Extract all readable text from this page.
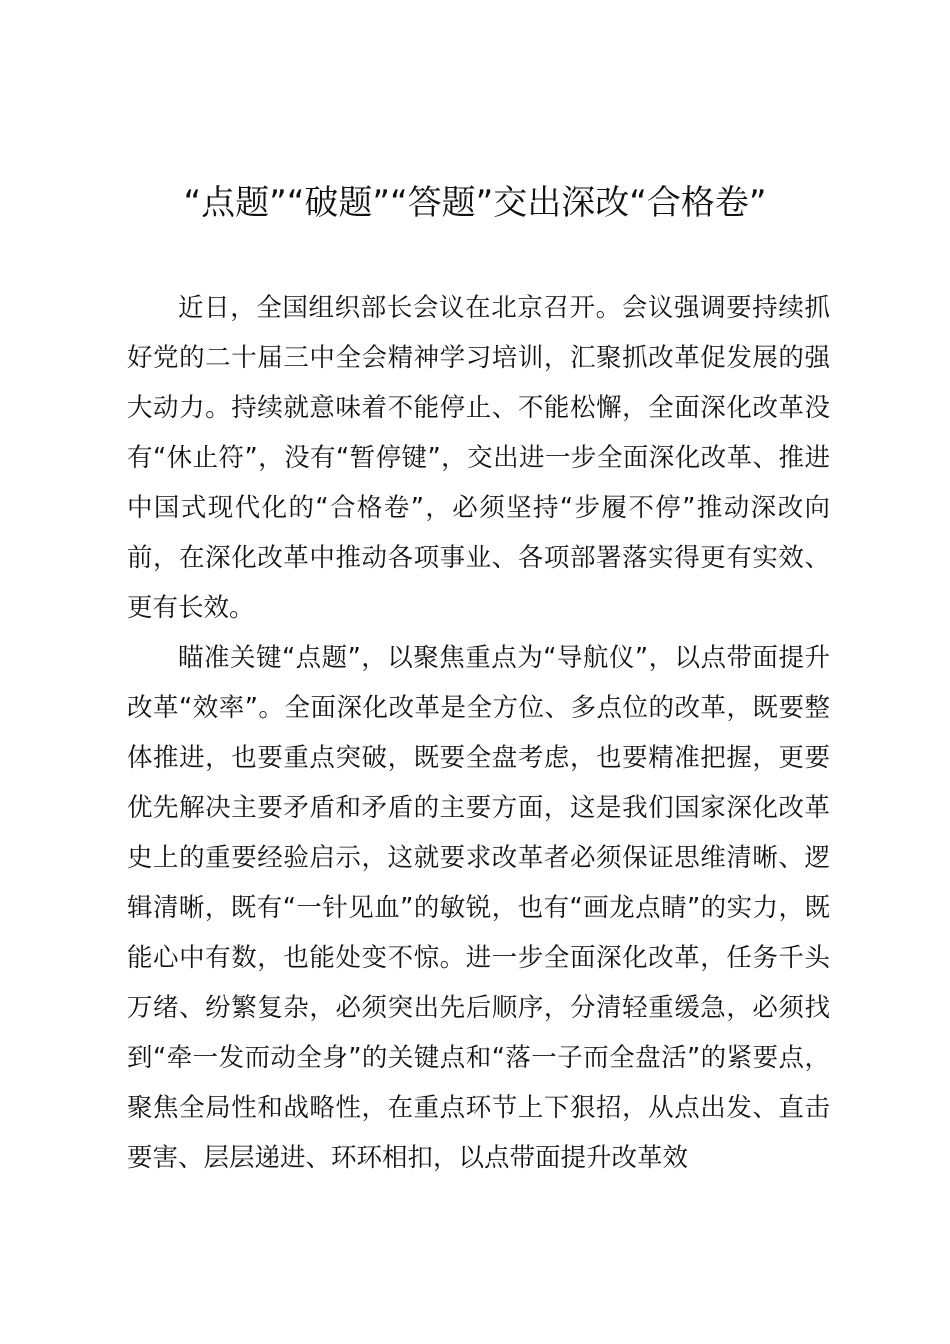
“点题”“破题”“答题”交出深改“合格卷”

近日，全国组织部长会议在北京召开。会议强调要持续抓好党的二十届三中全会精神学习培训，汇聚抓改革促发展的强大动力。持续就意味着不能停止、不能松懈，全面深化改革没有“休止符”，没有“暂停键”，交出进一步全面深化改革、推进中国式现代化的“合格卷”，必须坚持“步履不停”推动深改向前，在深化改革中推动各项事业、各项部署落实得更有实效、更有长效。

瞄准关键“点题”，以聚焦重点为“导航仪”，以点带面提升改革“效率”。全面深化改革是全方位、多点位的改革，既要整体推进，也要重点突破，既要全盘考虑，也要精准把握，更要优先解决主要矛盾和矛盾的主要方面，这是我们国家深化改革史上的重要经验启示，这就要求改革者必须保证思维清晰、逻辑清晰，既有“一针见血”的敏锐，也有“画龙点睛”的实力，既能心中有数，也能处变不惊。进一步全面深化改革，任务千头万绪、纷繁复杂，必须突出先后顺序，分清轻重缓急，必须找到“牵一发而动全身”的关键点和“落一子而全盘活”的紧要点，聚焦全局性和战略性，在重点环节上下狠招，从点出发、直击要害、层层递进、环环相扣，以点带面提升改革效
